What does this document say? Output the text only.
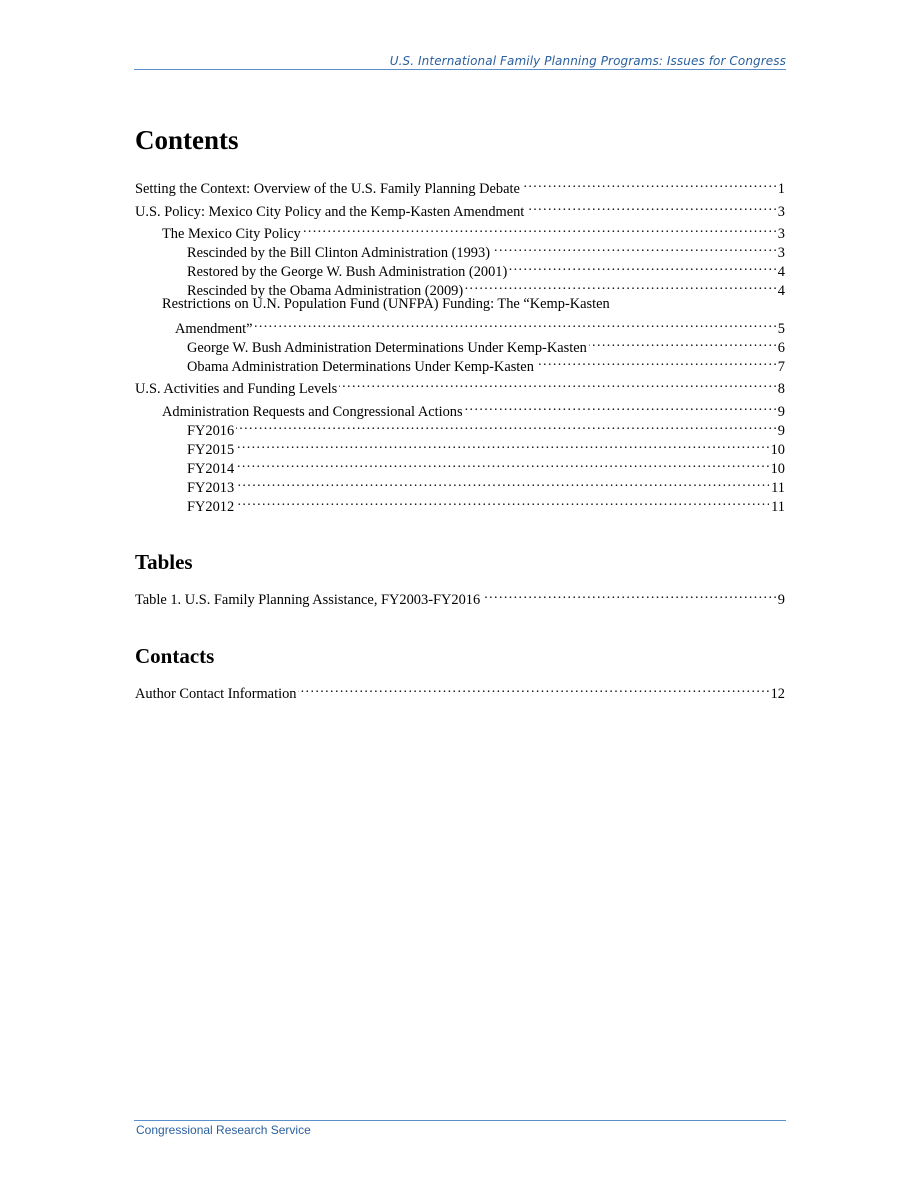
U.S. International Family Planning Programs: Issues for Congress
Contents
Setting the Context: Overview of the U.S. Family Planning Debate . . .	1
U.S. Policy: Mexico City Policy and the Kemp-Kasten Amendment . . .	3
The Mexico City Policy . . .	3
Rescinded by the Bill Clinton Administration (1993) . . .	3
Restored by the George W. Bush Administration (2001) . . .	4
Rescinded by the Obama Administration (2009) . . .	4
Restrictions on U.N. Population Fund (UNFPA) Funding: The “Kemp-Kasten
Amendment” . . .	5
George W. Bush Administration Determinations Under Kemp-Kasten . . .	6
Obama Administration Determinations Under Kemp-Kasten . . .	7
U.S. Activities and Funding Levels . . .	8
Administration Requests and Congressional Actions . . .	9
FY2016 . . .	9
FY2015 . . .	10
FY2014 . . .	10
FY2013 . . .	11
FY2012 . . .	11
Tables
Table 1. U.S. Family Planning Assistance, FY2003-FY2016 . . .	9
Contacts
Author Contact Information . . .	12
Congressional Research Service
